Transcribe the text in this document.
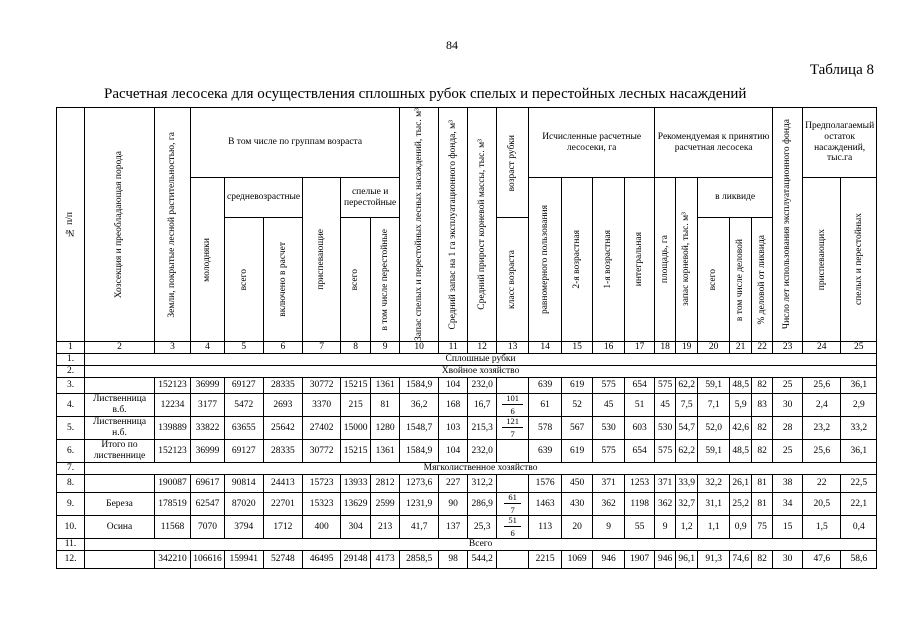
84
Таблица 8
Расчетная лесосека для осуществления сплошных рубок спелых и перестойных лесных насаждений
№ п/п	Хозсекция и преобладающая порода	Земли, покрытые лесной растительностью, га	В том числе по группам возраста						Запас спелых и перестойных лесных насаждений, тыс. м³	Средний запас на 1 га эксплуатационного фонда, м³	Средний прирост корневой массы, тыс. м³	возраст рубки	Исчисленные расчетные лесосеки, га				Рекомендуемая к принятию расчетная лесосека					Число лет использования эксплуатационного фонда	Предполагаемый остаток насаждений, тыс.га	

			молодняки	средневозрастные		приспевающие	спелые и перестойные						равномерного пользования	2-я возрастная	1-я возрастная	интегральная	площадь, га	запас корневой, тыс. м³	в ликвиде				приспевающих	спелых и перестойных

				всего	включено в расчет		всего	в том числе перестойные				класс возраста							всего	в том числе деловой	% деловой от ликвида			

1	2	3	4	5	6	7	8	9	10	11	12	13	14	15	16	17	18	19	20	21	22	23	24	25
1.	Сплошные рубки																							
2.	Хвойное хозяйство																							
3.		152123	36999	69127	28335	30772	15215	1361	1584,9	104	232,0		639	619	575	654	575	62,2	59,1	48,5	82	25	25,6	36,1
4.	Лиственница в.б.	12234	3177	5472	2693	3370	215	81	36,2	168	16,7	$\frac{101}{6}$	61	52	45	51	45	7,5	7,1	5,9	83	30	2,4	2,9
5.	Лиственница н.б.	139889	33822	63655	25642	27402	15000	1280	1548,7	103	215,3	$\frac{121}{7}$	578	567	530	603	530	54,7	52,0	42,6	82	28	23,2	33,2
6.	Итого по лиственнице	152123	36999	69127	28335	30772	15215	1361	1584,9	104	232,0		639	619	575	654	575	62,2	59,1	48,5	82	25	25,6	36,1
7.	Мягколиственное хозяйство																							
8.		190087	69617	90814	24413	15723	13933	2812	1273,6	227	312,2		1576	450	371	1253	371	33,9	32,2	26,1	81	38	22	22,5
9.	Береза	178519	62547	87020	22701	15323	13629	2599	1231,9	90	286,9	$\frac{61}{7}$	1463	430	362	1198	362	32,7	31,1	25,2	81	34	20,5	22,1
10.	Осина	11568	7070	3794	1712	400	304	213	41,7	137	25,3	$\frac{51}{6}$	113	20	9	55	9	1,2	1,1	0,9	75	15	1,5	0,4
11.	Всего																							
12.		342210	106616	159941	52748	46495	29148	4173	2858,5	98	544,2		2215	1069	946	1907	946	96,1	91,3	74,6	82	30	47,6	58,6
